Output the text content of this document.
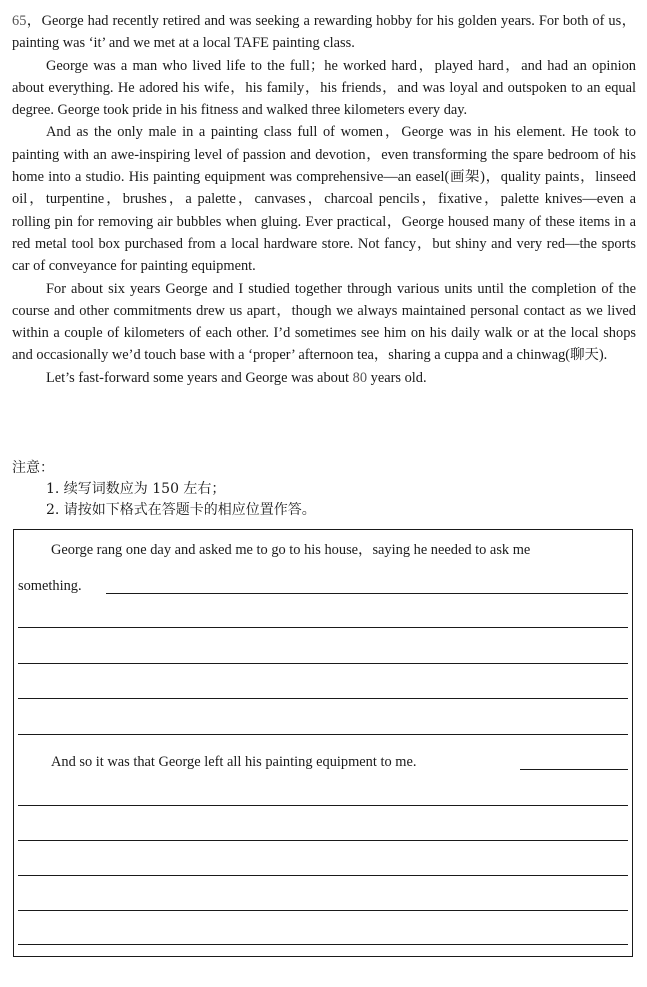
65，George had recently retired and was seeking a rewarding hobby for his golden years. For both of us，painting was ‘it’ and we met at a local TAFE painting class.

George was a man who lived life to the full；he worked hard，played hard，and had an opinion about everything. He adored his wife，his family，his friends，and was loyal and outspoken to an equal degree. George took pride in his fitness and walked three kilometers every day.

And as the only male in a painting class full of women，George was in his element. He took to painting with an awe-inspiring level of passion and devotion，even transforming the spare bedroom of his home into a studio. His painting equipment was comprehensive—an easel(画架)，quality paints，linseed oil，turpentine，brushes，a palette，canvases，charcoal pencils，fixative，palette knives—even a rolling pin for removing air bubbles when gluing. Ever practical，George housed many of these items in a red metal tool box purchased from a local hardware store. Not fancy，but shiny and very red—the sports car of conveyance for painting equipment.

For about six years George and I studied together through various units until the completion of the course and other commitments drew us apart，though we always maintained personal contact as we lived within a couple of kilometers of each other. I’d sometimes see him on his daily walk or at the local shops and occasionally we’d touch base with a ‘proper’ afternoon tea，sharing a cuppa and a chinwag(聊天).

Let’s fast-forward some years and George was about 80 years old.

注意：
1. 续写词数应为 150 左右；
2. 请按如下格式在答题卡的相应位置作答。
George rang one day and asked me to go to his house，saying he needed to ask me
something.
And so it was that George left all his painting equipment to me.
